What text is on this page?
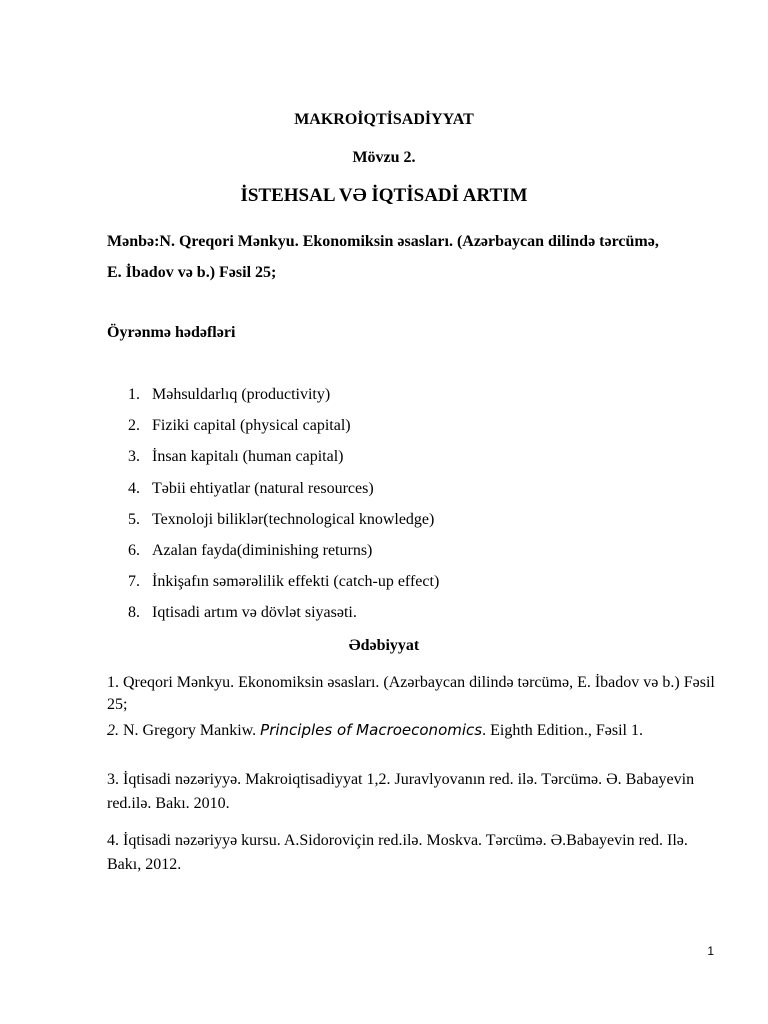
MAKROİQTİSADİYYAT
Mövzu 2.
İSTEHSAL VƏ İQTİSADİ ARTIM
Mənbə:N. Qreqori Mənkyu. Ekonomiksin əsasları. (Azərbaycan dilində tərcümə,
E. İbadov və b.) Fəsil 25;
Öyrənmə hədəfləri
1. Məhsuldarlıq (productivity)
2. Fiziki capital (physical capital)
3. İnsan kapitalı (human capital)
4. Təbii ehtiyatlar (natural resources)
5. Texnoloji biliklər(technological knowledge)
6. Azalan fayda(diminishing returns)
7. İnkişafın səmərəlilik effekti (catch-up effect)
8. Iqtisadi artım və dövlət siyasəti.
Ədəbiyyat
1. Qreqori Mənkyu. Ekonomiksin əsasları. (Azərbaycan dilində tərcümə, E. İbadov və b.) Fəsil 25;
2. N. Gregory Mankiw. Principles of Macroeconomics. Eighth Edition., Fəsil 1.
3. İqtisadi nəzəriyyə. Makroiqtisadiyyat 1,2. Juravlyovanın red. ilə. Tərcümə. Ə. Babayevin red.ilə. Bakı. 2010.
4. İqtisadi nəzəriyyə kursu. A.Sidoroviçin red.ilə. Moskva. Tərcümə. Ə.Babayevin red. Ilə. Bakı, 2012.
1
